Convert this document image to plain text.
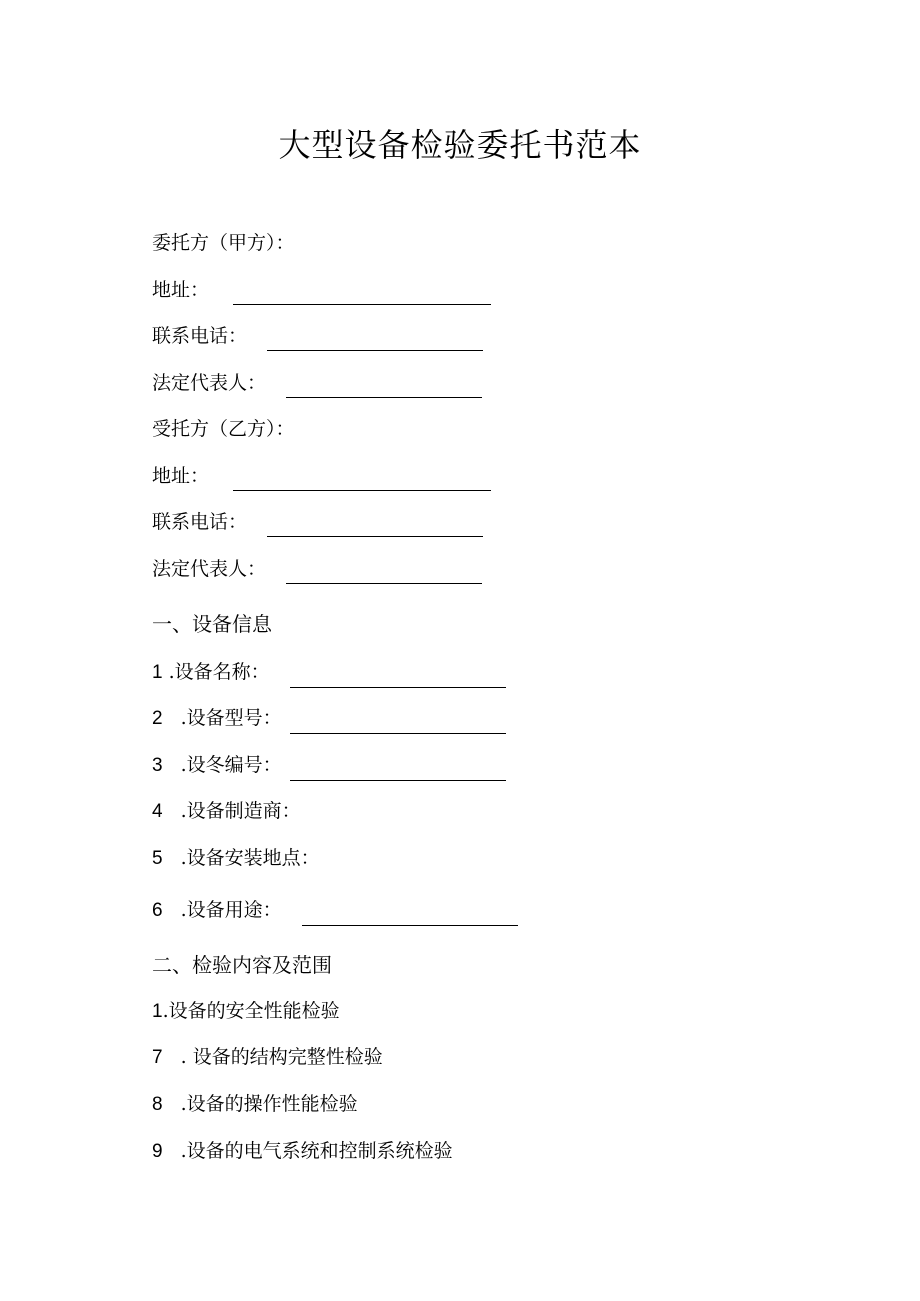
大型设备检验委托书范本
委托方（甲方）：
地址：
联系电话：
法定代表人：
受托方（乙方）：
地址：
联系电话：
法定代表人：
一、设备信息
1 .设备名称：
2 .设备型号：
3 .设冬编号：
4 .设备制造商：
5 .设备安装地点：
6 .设备用途：
二、检验内容及范围
1.设备的安全性能检验
7 . 设备的结构完整性检验
8 .设备的操作性能检验
9 .设备的电气系统和控制系统检验
